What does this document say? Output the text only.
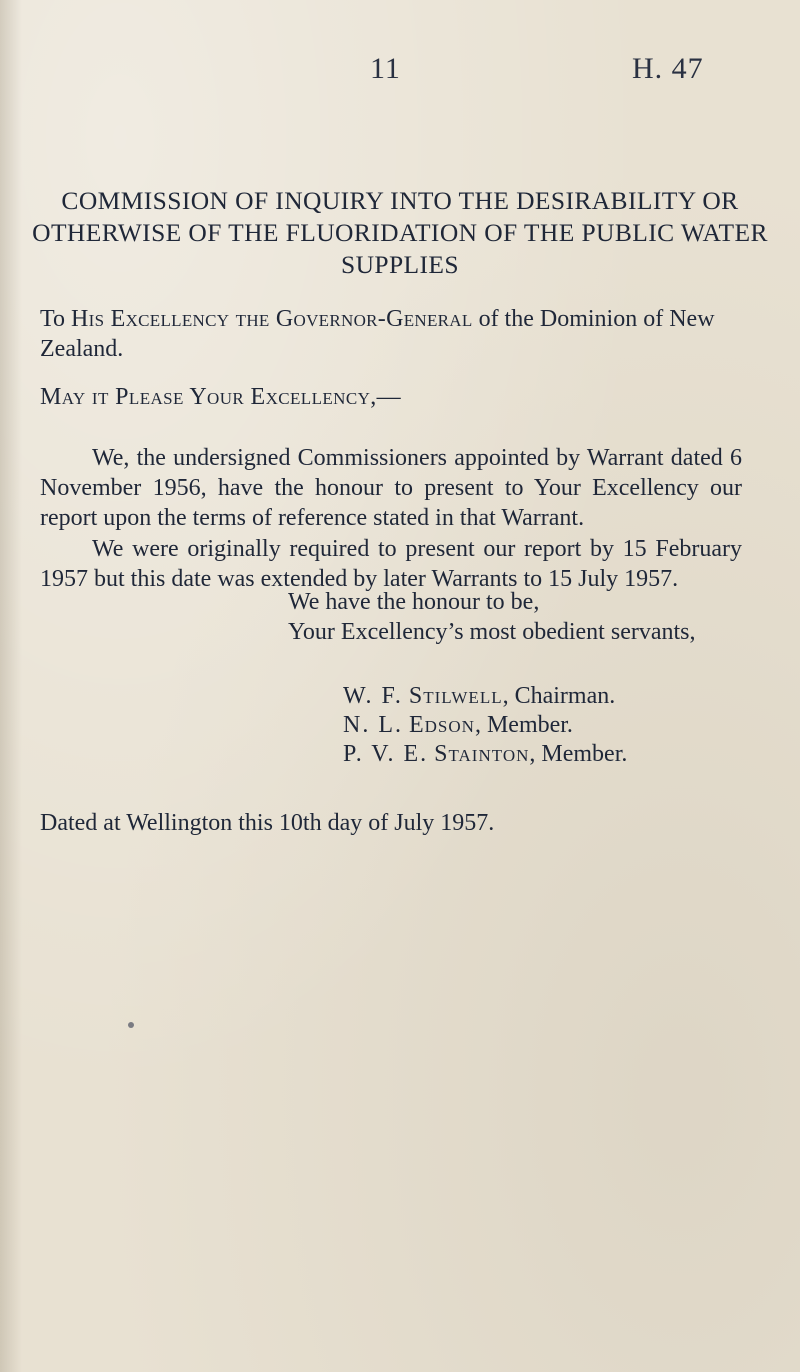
11	H. 47
COMMISSION OF INQUIRY INTO THE DESIRABILITY OR OTHERWISE OF THE FLUORIDATION OF THE PUBLIC WATER SUPPLIES

To His Excellency the Governor-General of the Dominion of New Zealand.

May it Please Your Excellency,—

We, the undersigned Commissioners appointed by Warrant dated 6 November 1956, have the honour to present to Your Excellency our report upon the terms of reference stated in that Warrant.

We were originally required to present our report by 15 February 1957 but this date was extended by later Warrants to 15 July 1957.

We have the honour to be,

Your Excellency’s most obedient servants,

W. F. Stilwell, Chairman.

N. L. Edson, Member.

P. V. E. Stainton, Member.

Dated at Wellington this 10th day of July 1957.
